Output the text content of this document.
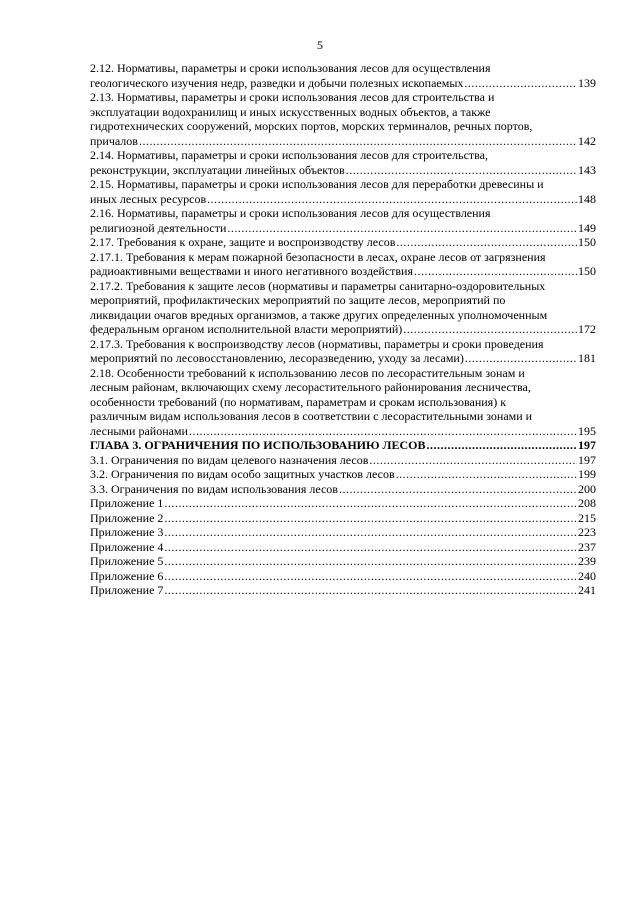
5
2.12. Нормативы, параметры и сроки использования лесов для осуществления
геологического изучения недр, разведки и добычи полезных ископаемых .....	139
2.13. Нормативы, параметры и сроки использования лесов для строительства и
эксплуатации водохранилищ и иных искусственных водных объектов, а также
гидротехнических сооружений, морских портов, морских терминалов, речных портов,
причалов .....	142
2.14. Нормативы, параметры и сроки использования лесов для строительства,
реконструкции, эксплуатации линейных объектов .....	143
2.15. Нормативы, параметры и сроки использования лесов для переработки древесины и
иных лесных ресурсов .....	148
2.16. Нормативы, параметры и сроки использования лесов для осуществления
религиозной деятельности .....	149
2.17. Требования к охране, защите и воспроизводству лесов .....	150
2.17.1. Требования к мерам пожарной безопасности в лесах, охране лесов от загрязнения
радиоактивными веществами и иного негативного воздействия .....	150
2.17.2. Требования к защите лесов (нормативы и параметры санитарно-оздоровительных
мероприятий, профилактических мероприятий по защите лесов, мероприятий по
ликвидации очагов вредных организмов, а также других определенных уполномоченным
федеральным органом исполнительной власти мероприятий) .....	172
2.17.3. Требования к воспроизводству лесов (нормативы, параметры и сроки проведения
мероприятий по лесовосстановлению, лесоразведению, уходу за лесами) .....	181
2.18. Особенности требований к использованию лесов по лесорастительным зонам и
лесным районам, включающих схему лесорастительного районирования лесничества,
особенности требований (по нормативам, параметрам и срокам использования) к
различным видам использования лесов в соответствии с лесорастительными зонами и
лесными районами .....	195
ГЛАВА 3. ОГРАНИЧЕНИЯ ПО ИСПОЛЬЗОВАНИЮ ЛЕСОВ .....	197
3.1. Ограничения по видам целевого назначения лесов .....	197
3.2. Ограничения по видам особо защитных участков лесов .....	199
3.3. Ограничения по видам использования лесов .....	200
Приложение 1 .....	208
Приложение 2 .....	215
Приложение 3 .....	223
Приложение 4 .....	237
Приложение 5 .....	239
Приложение 6 .....	240
Приложение 7 .....	241
